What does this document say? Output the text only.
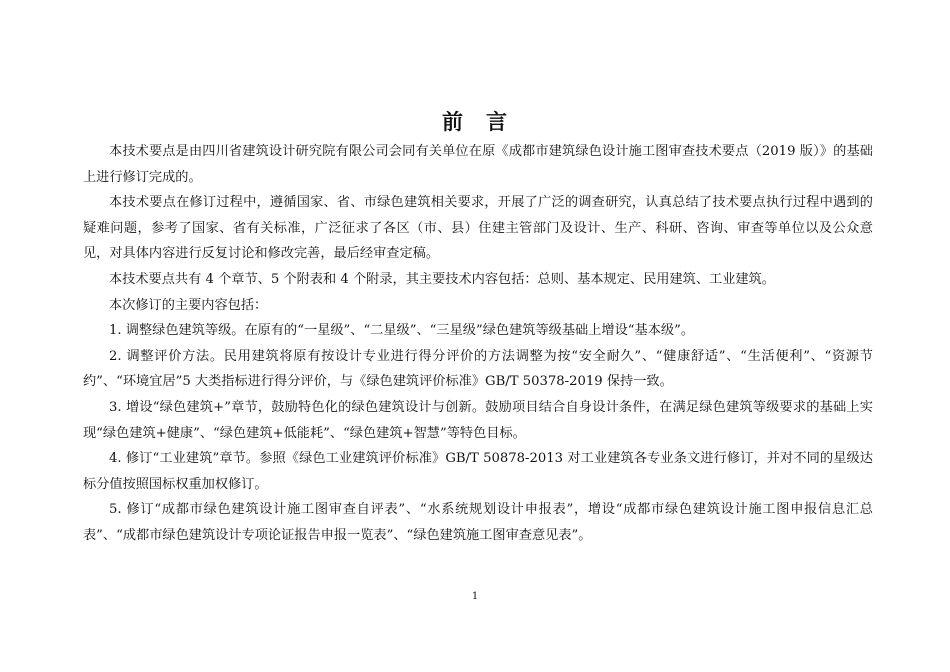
前　言

本技术要点是由四川省建筑设计研究院有限公司会同有关单位在原《成都市建筑绿色设计施工图审查技术要点（2019 版）》的基础上进行修订完成的。

本技术要点在修订过程中，遵循国家、省、市绿色建筑相关要求，开展了广泛的调查研究，认真总结了技术要点执行过程中遇到的疑难问题，参考了国家、省有关标准，广泛征求了各区（市、县）住建主管部门及设计、生产、科研、咨询、审查等单位以及公众意见，对具体内容进行反复讨论和修改完善，最后经审查定稿。

本技术要点共有 4 个章节、5 个附表和 4 个附录，其主要技术内容包括：总则、基本规定、民用建筑、工业建筑。

本次修订的主要内容包括：

1. 调整绿色建筑等级。在原有的“一星级”、“二星级”、“三星级”绿色建筑等级基础上增设“基本级”。

2. 调整评价方法。民用建筑将原有按设计专业进行得分评价的方法调整为按“安全耐久”、“健康舒适”、“生活便利”、“资源节约”、“环境宜居”5 大类指标进行得分评价，与《绿色建筑评价标准》GB/T 50378-2019 保持一致。

3. 增设“绿色建筑+”章节，鼓励特色化的绿色建筑设计与创新。鼓励项目结合自身设计条件，在满足绿色建筑等级要求的基础上实现“绿色建筑+健康”、“绿色建筑+低能耗”、“绿色建筑+智慧”等特色目标。

4. 修订“工业建筑”章节。参照《绿色工业建筑评价标准》GB/T 50878-2013 对工业建筑各专业条文进行修订，并对不同的星级达标分值按照国标权重加权修订。

5. 修订“成都市绿色建筑设计施工图审查自评表”、“水系统规划设计申报表”，增设“成都市绿色建筑设计施工图申报信息汇总表”、“成都市绿色建筑设计专项论证报告申报一览表”、“绿色建筑施工图审查意见表”。

1
